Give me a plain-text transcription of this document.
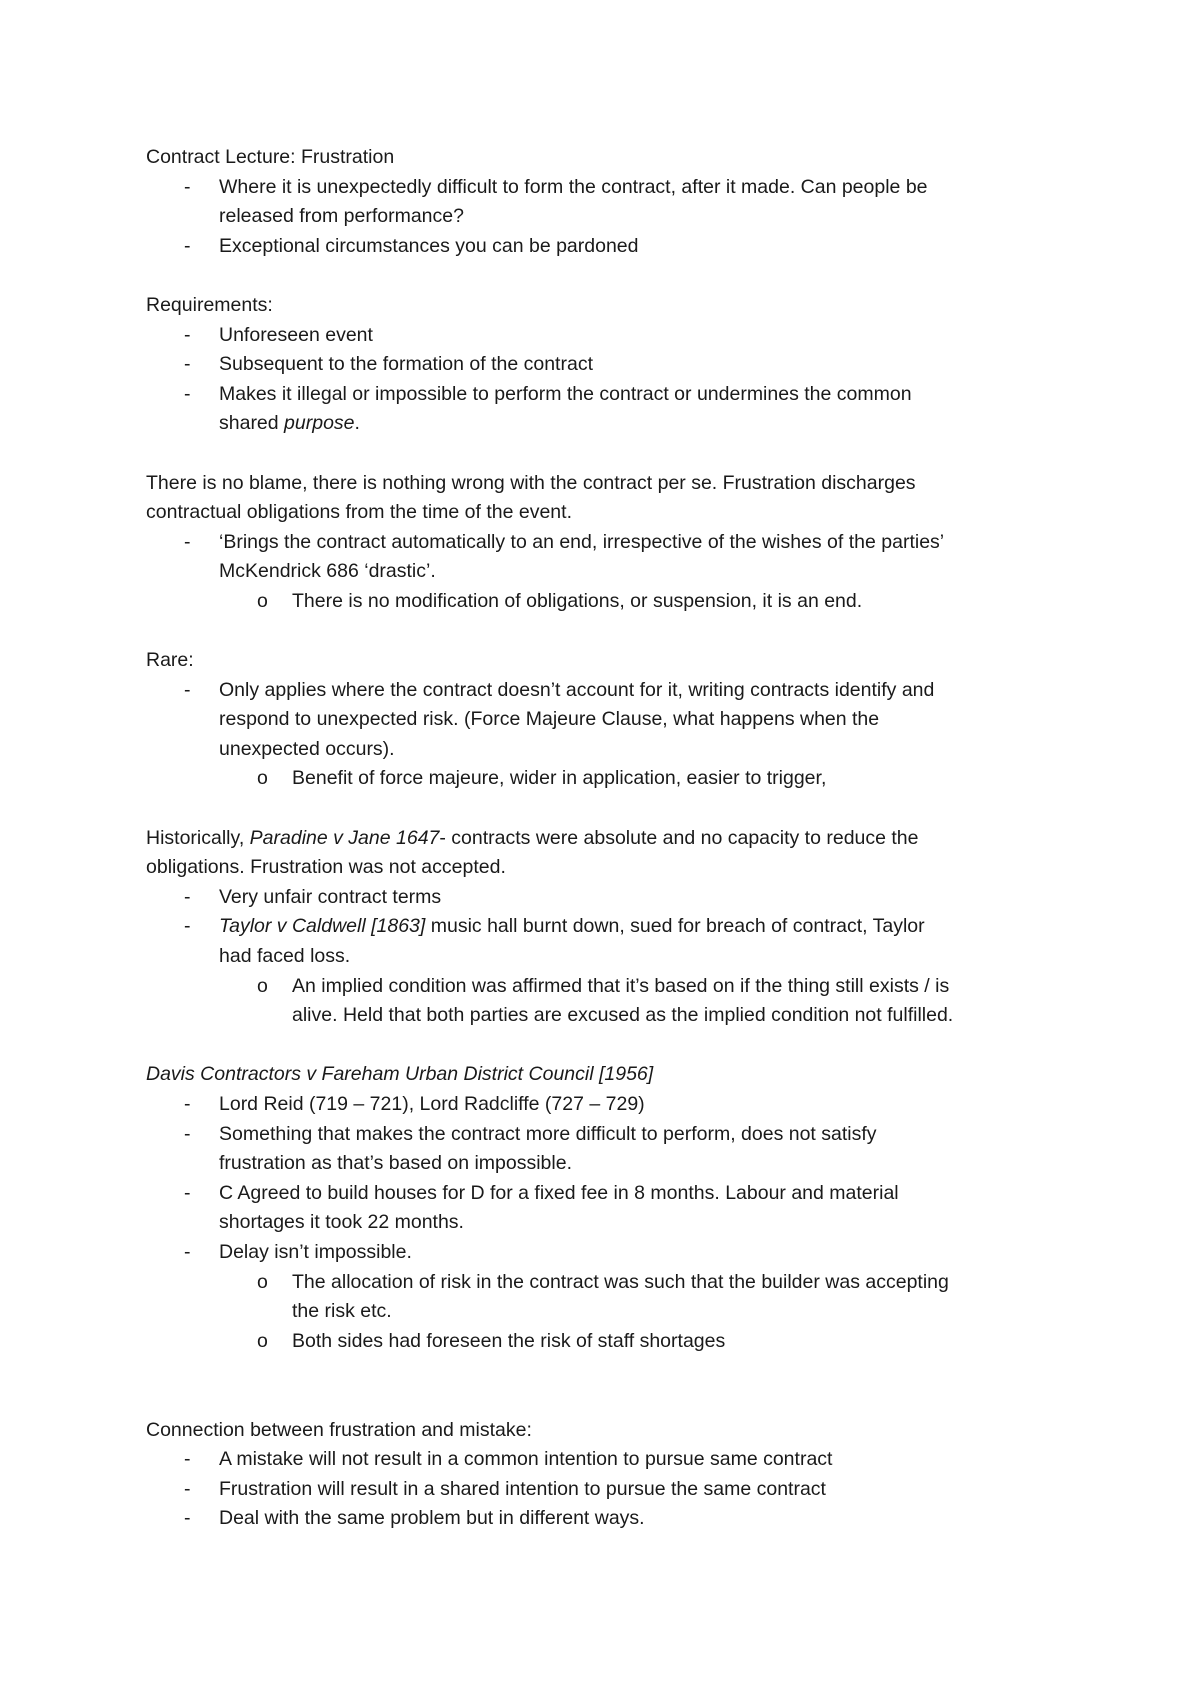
Contract Lecture: Frustration

- Where it is unexpectedly difficult to form the contract, after it made. Can people be
released from performance?

- Exceptional circumstances you can be pardoned

Requirements:

- Unforeseen event

- Subsequent to the formation of the contract

- Makes it illegal or impossible to perform the contract or undermines the common
shared purpose.

There is no blame, there is nothing wrong with the contract per se. Frustration discharges
contractual obligations from the time of the event.

- ‘Brings the contract automatically to an end, irrespective of the wishes of the parties’
McKendrick 686 ‘drastic’.

o There is no modification of obligations, or suspension, it is an end.

Rare:

- Only applies where the contract doesn’t account for it, writing contracts identify and
respond to unexpected risk. (Force Majeure Clause, what happens when the
unexpected occurs).

o Benefit of force majeure, wider in application, easier to trigger,

Historically, Paradine v Jane 1647- contracts were absolute and no capacity to reduce the
obligations. Frustration was not accepted.

- Very unfair contract terms

- Taylor v Caldwell [1863] music hall burnt down, sued for breach of contract, Taylor
had faced loss.

o An implied condition was affirmed that it’s based on if the thing still exists / is
alive. Held that both parties are excused as the implied condition not fulfilled.

Davis Contractors v Fareham Urban District Council [1956]

- Lord Reid (719 – 721), Lord Radcliffe (727 – 729)

- Something that makes the contract more difficult to perform, does not satisfy
frustration as that’s based on impossible.

- C Agreed to build houses for D for a fixed fee in 8 months. Labour and material
shortages it took 22 months.

- Delay isn’t impossible.

o The allocation of risk in the contract was such that the builder was accepting
the risk etc.

o Both sides had foreseen the risk of staff shortages

Connection between frustration and mistake:

- A mistake will not result in a common intention to pursue same contract

- Frustration will result in a shared intention to pursue the same contract

- Deal with the same problem but in different ways.
